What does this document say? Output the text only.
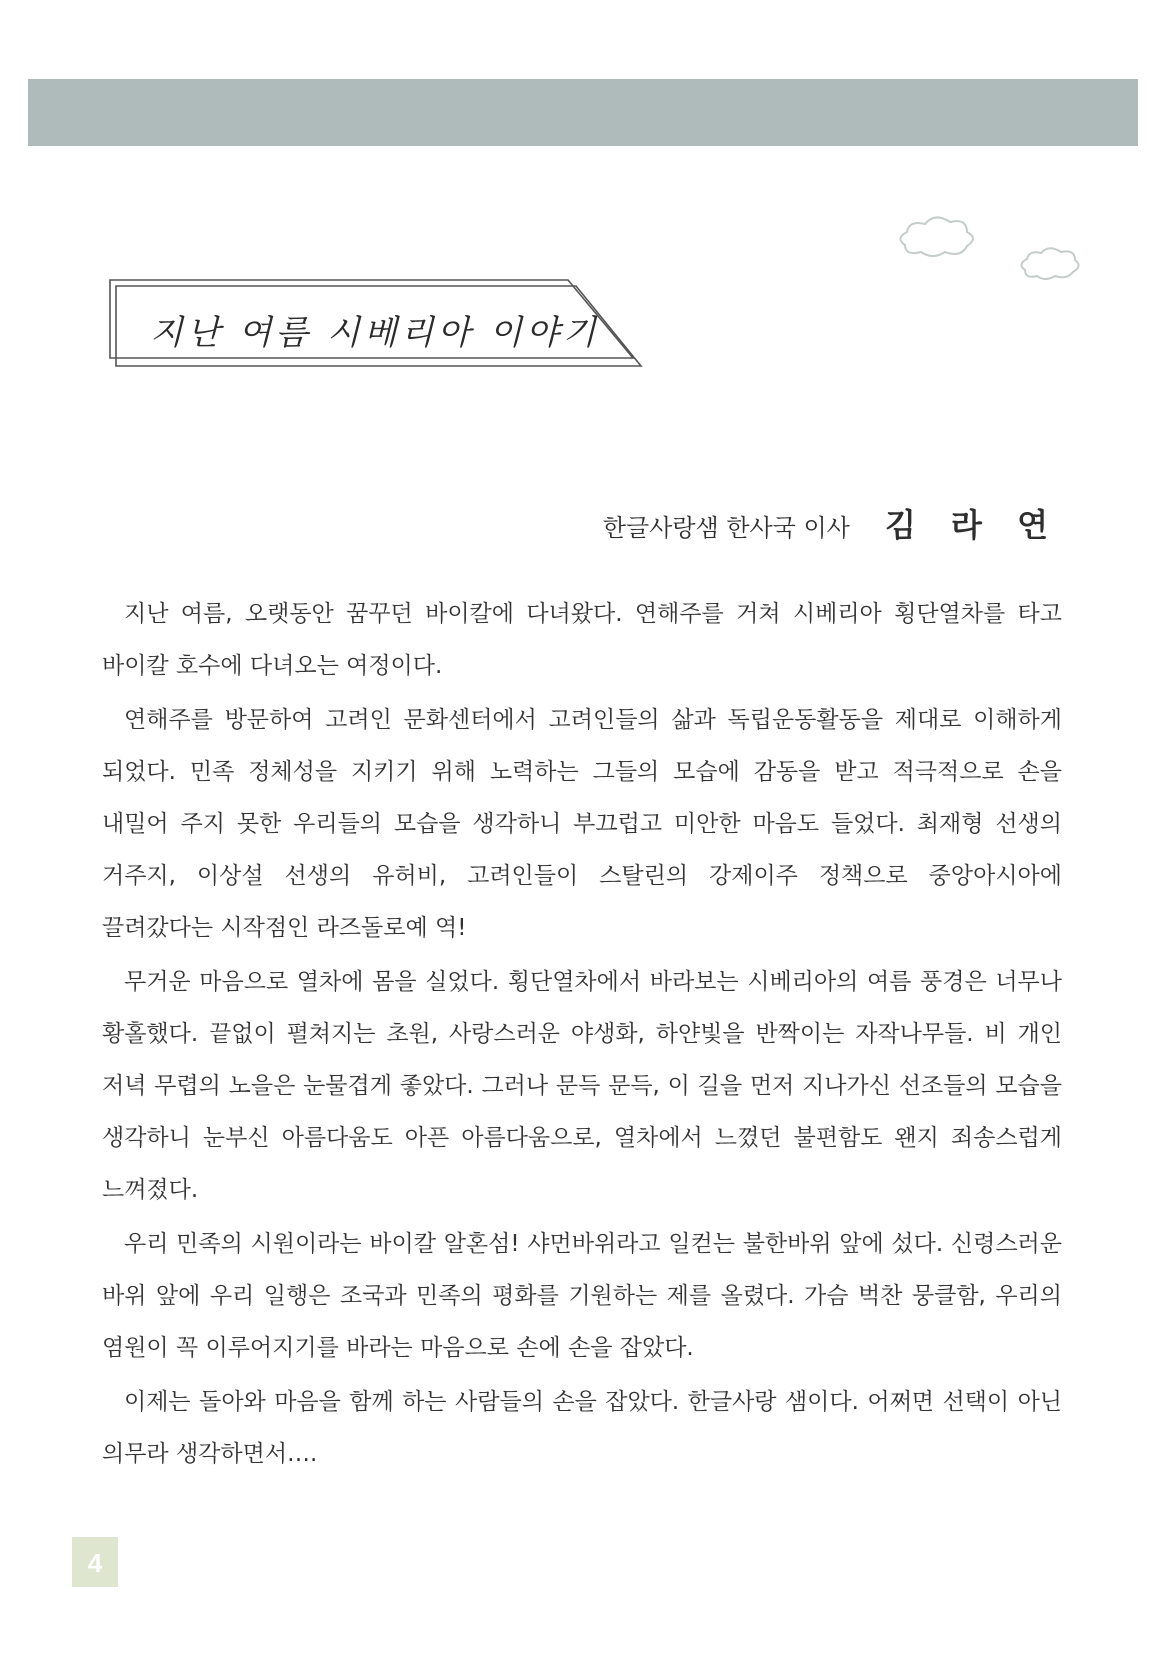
지난 여름 시베리아 이야기
한글사랑샘 한사국 이사 김 라 연

지난 여름, 오랫동안 꿈꾸던 바이칼에 다녀왔다. 연해주를 거쳐 시베리아 횡단열차를 타고 바이칼 호수에 다녀오는 여정이다.

연해주를 방문하여 고려인 문화센터에서 고려인들의 삶과 독립운동활동을 제대로 이해하게 되었다. 민족 정체성을 지키기 위해 노력하는 그들의 모습에 감동을 받고 적극적으로 손을 내밀어 주지 못한 우리들의 모습을 생각하니 부끄럽고 미안한 마음도 들었다. 최재형 선생의 거주지, 이상설 선생의 유허비, 고려인들이 스탈린의 강제이주 정책으로 중앙아시아에 끌려갔다는 시작점인 라즈돌로예 역!

무거운 마음으로 열차에 몸을 실었다. 횡단열차에서 바라보는 시베리아의 여름 풍경은 너무나 황홀했다. 끝없이 펼쳐지는 초원, 사랑스러운 야생화, 하얀빛을 반짝이는 자작나무들. 비 개인 저녁 무렵의 노을은 눈물겹게 좋았다. 그러나 문득 문득, 이 길을 먼저 지나가신 선조들의 모습을 생각하니 눈부신 아름다움도 아픈 아름다움으로, 열차에서 느꼈던 불편함도 왠지 죄송스럽게 느껴졌다.

우리 민족의 시원이라는 바이칼 알혼섬! 샤먼바위라고 일컫는 불한바위 앞에 섰다. 신령스러운 바위 앞에 우리 일행은 조국과 민족의 평화를 기원하는 제를 올렸다. 가슴 벅찬 뭉클함, 우리의 염원이 꼭 이루어지기를 바라는 마음으로 손에 손을 잡았다.

이제는 돌아와 마음을 함께 하는 사람들의 손을 잡았다. 한글사랑 샘이다. 어쩌면 선택이 아닌 의무라 생각하면서….

4
